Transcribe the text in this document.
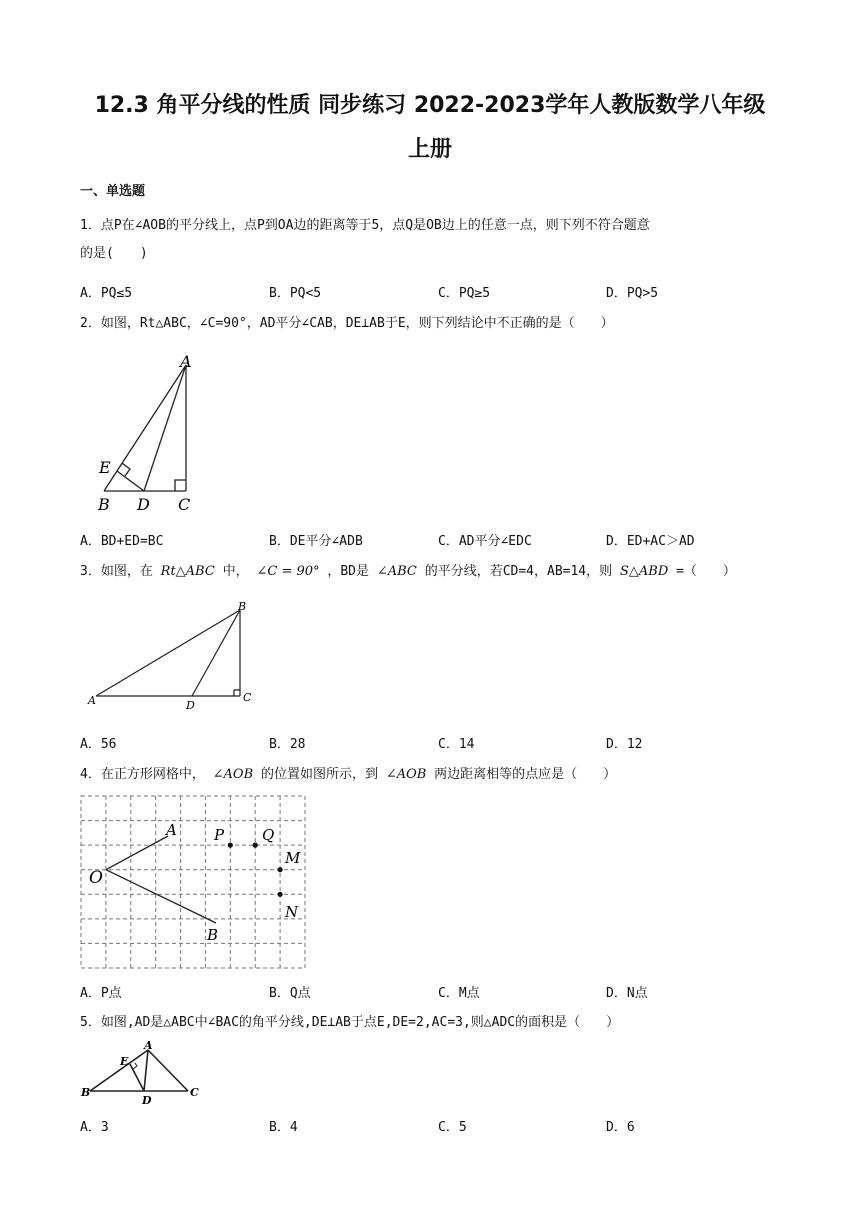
12.3 角平分线的性质 同步练习 2022-2023学年人教版数学八年级
上册
一、单选题
1．点P在∠AOB的平分线上，点P到OA边的距离等于5，点Q是OB边上的任意一点，则下列不符合题意
的是(　　)
A．PQ≤5	B．PQ<5	C．PQ≥5	D．PQ>5
2．如图，Rt△ABC，∠C=90°，AD平分∠CAB，DE⊥AB于E，则下列结论中不正确的是（　　）
A
E
B D C
A．BD+ED=BC	B．DE平分∠ADB	C．AD平分∠EDC	D．ED+AC＞AD
3．如图，在 Rt△ABC 中， ∠C = 90° ，BD是 ∠ABC 的平分线，若CD=4，AB=14，则 S△ABD =（　　）
B
A	D
C
A．56	B．28	C．14	D．12
4．在正方形网格中， ∠AOB 的位置如图所示，到 ∠AOB 两边距离相等的点应是（　　）
A P	Q
M
O
N
B
A．P点	B．Q点	C．M点	D．N点
5．如图,AD是△ABC中∠BAC的角平分线,DE⊥AB于点E,DE=2,AC=3,则△ADC的面积是（　　）
A
E
B
D
C
A．3	B．4	C．5	D．6
